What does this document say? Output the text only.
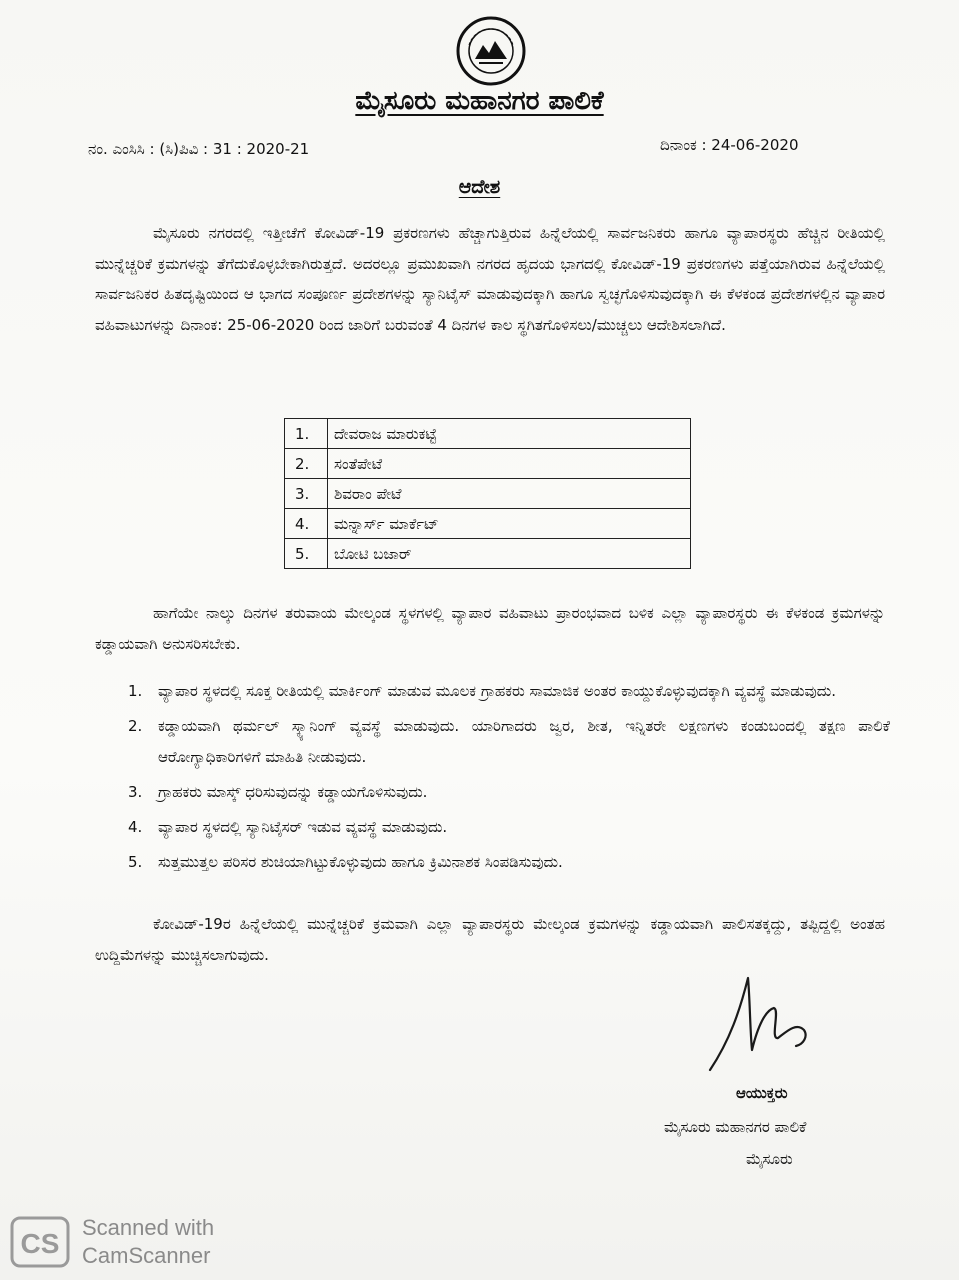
ಮೈಸೂರು ಮಹಾನಗರ ಪಾಲಿಕೆ
ನಂ. ಎಂಸಿಸಿ : (ಸಿ)ಪಿವಿ : 31 : 2020-21	ದಿನಾಂಕ : 24-06-2020
ಆದೇಶ
ಮೈಸೂರು ನಗರದಲ್ಲಿ ಇತ್ತೀಚೆಗೆ ಕೋವಿಡ್-19 ಪ್ರಕರಣಗಳು ಹೆಚ್ಚಾಗುತ್ತಿರುವ ಹಿನ್ನೆಲೆಯಲ್ಲಿ ಸಾರ್ವಜನಿಕರು ಹಾಗೂ ವ್ಯಾಪಾರಸ್ಥರು ಹೆಚ್ಚಿನ ರೀತಿಯಲ್ಲಿ ಮುನ್ನೆಚ್ಚರಿಕೆ ಕ್ರಮಗಳನ್ನು ತೆಗೆದುಕೊಳ್ಳಬೇಕಾಗಿರುತ್ತದೆ. ಅದರಲ್ಲೂ ಪ್ರಮುಖವಾಗಿ ನಗರದ ಹೃದಯ ಭಾಗದಲ್ಲಿ ಕೋವಿಡ್-19 ಪ್ರಕರಣಗಳು ಪತ್ತೆಯಾಗಿರುವ ಹಿನ್ನೆಲೆಯಲ್ಲಿ ಸಾರ್ವಜನಿಕರ ಹಿತದೃಷ್ಟಿಯಿಂದ ಆ ಭಾಗದ ಸಂಪೂರ್ಣ ಪ್ರದೇಶಗಳನ್ನು ಸ್ಯಾನಿಟೈಸ್ ಮಾಡುವುದಕ್ಕಾಗಿ ಹಾಗೂ ಸ್ವಚ್ಛಗೊಳಿಸುವುದಕ್ಕಾಗಿ ಈ ಕೆಳಕಂಡ ಪ್ರದೇಶಗಳಲ್ಲಿನ ವ್ಯಾಪಾರ ವಹಿವಾಟುಗಳನ್ನು ದಿನಾಂಕ: 25-06-2020 ರಿಂದ ಜಾರಿಗೆ ಬರುವಂತೆ 4 ದಿನಗಳ ಕಾಲ ಸ್ಥಗಿತಗೊಳಿಸಲು/ಮುಚ್ಚಲು ಆದೇಶಿಸಲಾಗಿದೆ.
1.	ದೇವರಾಜ ಮಾರುಕಟ್ಟೆ
2.	ಸಂತೆಪೇಟೆ
3.	ಶಿವರಾಂ ಪೇಟೆ
4.	ಮನ್ನಾರ್ಸ್ ಮಾರ್ಕೆಟ್
5.	ಬೋಟಿ ಬಜಾರ್
ಹಾಗೆಯೇ ನಾಲ್ಕು ದಿನಗಳ ತರುವಾಯ ಮೇಲ್ಕಂಡ ಸ್ಥಳಗಳಲ್ಲಿ ವ್ಯಾಪಾರ ವಹಿವಾಟು ಪ್ರಾರಂಭವಾದ ಬಳಿಕ ಎಲ್ಲಾ ವ್ಯಾಪಾರಸ್ಥರು ಈ ಕೆಳಕಂಡ ಕ್ರಮಗಳನ್ನು ಕಡ್ಡಾಯವಾಗಿ ಅನುಸರಿಸಬೇಕು.
1. ವ್ಯಾಪಾರ ಸ್ಥಳದಲ್ಲಿ ಸೂಕ್ತ ರೀತಿಯಲ್ಲಿ ಮಾರ್ಕಿಂಗ್ ಮಾಡುವ ಮೂಲಕ ಗ್ರಾಹಕರು ಸಾಮಾಜಿಕ ಅಂತರ ಕಾಯ್ದುಕೊಳ್ಳುವುದಕ್ಕಾಗಿ ವ್ಯವಸ್ಥೆ ಮಾಡುವುದು.
2. ಕಡ್ಡಾಯವಾಗಿ ಥರ್ಮಲ್ ಸ್ಕ್ಯಾನಿಂಗ್ ವ್ಯವಸ್ಥೆ ಮಾಡುವುದು. ಯಾರಿಗಾದರು ಜ್ವರ, ಶೀತ, ಇನ್ನಿತರೇ ಲಕ್ಷಣಗಳು ಕಂಡುಬಂದಲ್ಲಿ ತಕ್ಷಣ ಪಾಲಿಕೆ ಆರೋಗ್ಯಾಧಿಕಾರಿಗಳಿಗೆ ಮಾಹಿತಿ ನೀಡುವುದು.
3. ಗ್ರಾಹಕರು ಮಾಸ್ಕ್ ಧರಿಸುವುದನ್ನು ಕಡ್ಡಾಯಗೊಳಿಸುವುದು.
4. ವ್ಯಾಪಾರ ಸ್ಥಳದಲ್ಲಿ ಸ್ಯಾನಿಟೈಸರ್ ಇಡುವ ವ್ಯವಸ್ಥೆ ಮಾಡುವುದು.
5. ಸುತ್ತಮುತ್ತಲ ಪರಿಸರ ಶುಚಿಯಾಗಿಟ್ಟುಕೊಳ್ಳುವುದು ಹಾಗೂ ಕ್ರಿಮಿನಾಶಕ ಸಿಂಪಡಿಸುವುದು.
ಕೋವಿಡ್-19ರ ಹಿನ್ನೆಲೆಯಲ್ಲಿ ಮುನ್ನೆಚ್ಚರಿಕೆ ಕ್ರಮವಾಗಿ ಎಲ್ಲಾ ವ್ಯಾಪಾರಸ್ಥರು ಮೇಲ್ಕಂಡ ಕ್ರಮಗಳನ್ನು ಕಡ್ಡಾಯವಾಗಿ ಪಾಲಿಸತಕ್ಕದ್ದು, ತಪ್ಪಿದ್ದಲ್ಲಿ ಅಂತಹ ಉದ್ದಿಮೆಗಳನ್ನು ಮುಚ್ಚಿಸಲಾಗುವುದು.
ಆಯುಕ್ತರು
ಮೈಸೂರು ಮಹಾನಗರ ಪಾಲಿಕೆ
ಮೈಸೂರು
CS
Scanned with
CamScanner
